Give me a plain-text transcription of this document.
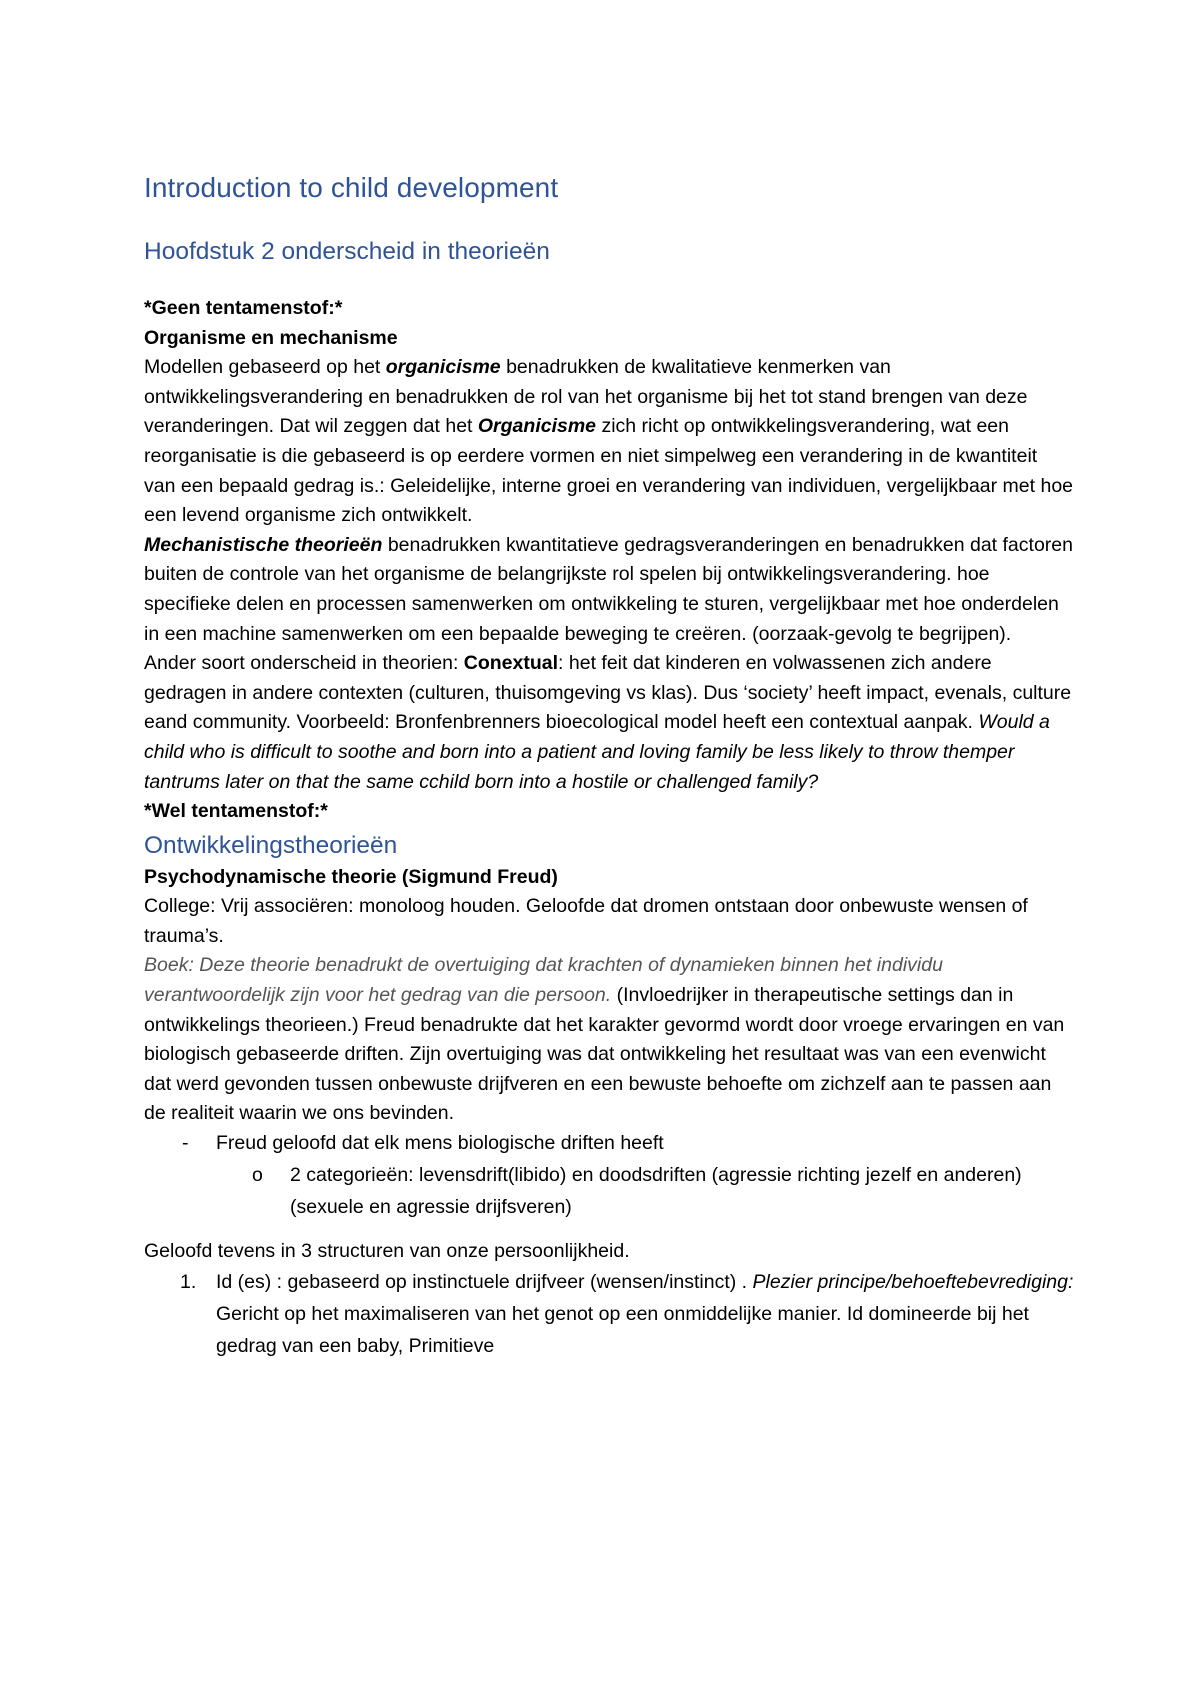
Introduction to child development
Hoofdstuk 2 onderscheid in theorieën

*Geen tentamenstof:*

Organisme en mechanisme

Modellen gebaseerd op het organicisme benadrukken de kwalitatieve kenmerken van ontwikkelingsverandering en benadrukken de rol van het organisme bij het tot stand brengen van deze veranderingen. Dat wil zeggen dat het Organicisme zich richt op ontwikkelingsverandering, wat een reorganisatie is die gebaseerd is op eerdere vormen en niet simpelweg een verandering in de kwantiteit van een bepaald gedrag is.: Geleidelijke, interne groei en verandering van individuen, vergelijkbaar met hoe een levend organisme zich ontwikkelt.

Mechanistische theorieën benadrukken kwantitatieve gedragsveranderingen en benadrukken dat factoren buiten de controle van het organisme de belangrijkste rol spelen bij ontwikkelingsverandering. hoe specifieke delen en processen samenwerken om ontwikkeling te sturen, vergelijkbaar met hoe onderdelen in een machine samenwerken om een bepaalde beweging te creëren. (oorzaak-gevolg te begrijpen).

Ander soort onderscheid in theorien: Conextual: het feit dat kinderen en volwassenen zich andere gedragen in andere contexten (culturen, thuisomgeving vs klas). Dus ‘society’ heeft impact, evenals, culture eand community. Voorbeeld: Bronfenbrenners bioecological model heeft een contextual aanpak. Would a child who is difficult to soothe and born into a patient and loving family be less likely to throw themper tantrums later on that the same cchild born into a hostile or challenged family?

*Wel tentamenstof:*

Ontwikkelingstheorieën

Psychodynamische theorie (Sigmund Freud)

College: Vrij associëren: monoloog houden. Geloofde dat dromen ontstaan door onbewuste wensen of trauma’s.

Boek: Deze theorie benadrukt de overtuiging dat krachten of dynamieken binnen het individu verantwoordelijk zijn voor het gedrag van die persoon. (Invloedrijker in therapeutische settings dan in ontwikkelings theorieen.) Freud benadrukte dat het karakter gevormd wordt door vroege ervaringen en van biologisch gebaseerde driften. Zijn overtuiging was dat ontwikkeling het resultaat was van een evenwicht dat werd gevonden tussen onbewuste drijfveren en een bewuste behoefte om zichzelf aan te passen aan de realiteit waarin we ons bevinden.

- Freud geloofd dat elk mens biologische driften heeft
o 2 categorieën: levensdrift(libido) en doodsdriften (agressie richting jezelf en anderen) (sexuele en agressie drijfsveren)

Geloofd tevens in 3 structuren van onze persoonlijkheid.

1. Id (es) : gebaseerd op instinctuele drijfveer (wensen/instinct) . Plezier principe/behoeftebevrediging: Gericht op het maximaliseren van het genot op een onmiddelijke manier. Id domineerde bij het gedrag van een baby, Primitieve
